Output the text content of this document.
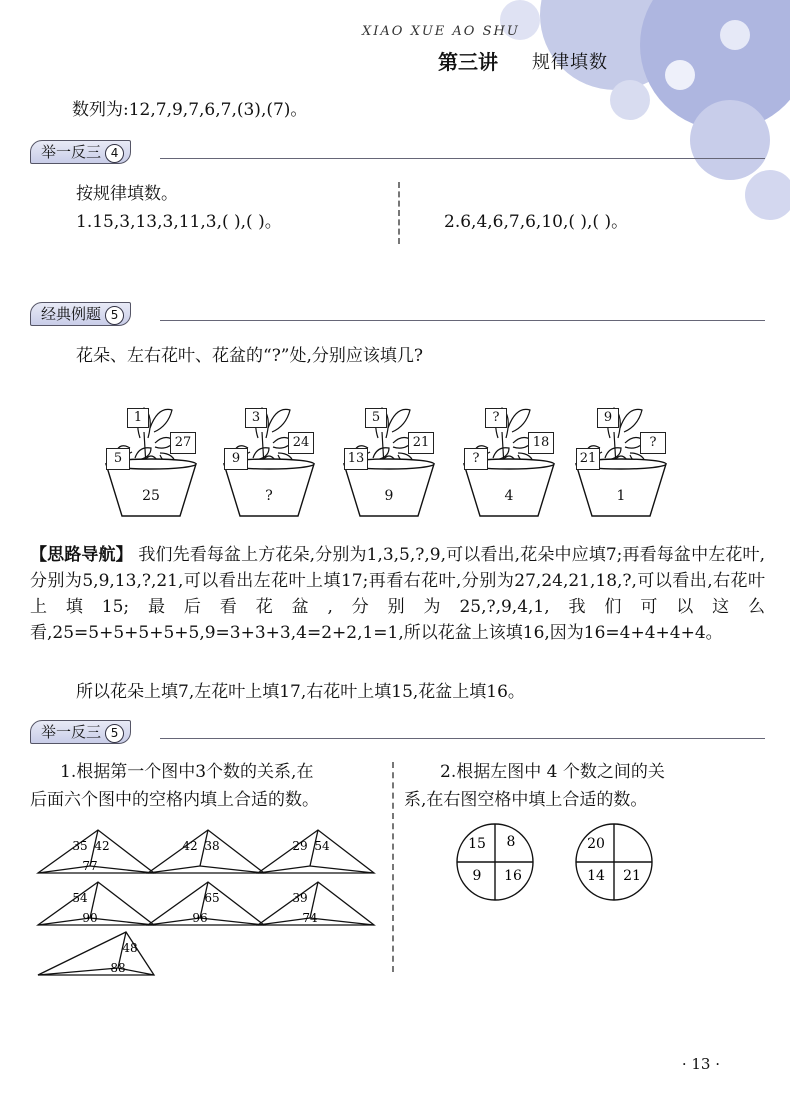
XIAO XUE AO SHU
第三讲 规律填数
数列为:12,7,9,7,6,7,(3),(7)。
举一反三 4
按规律填数。
1.15,3,13,3,11,3,( ),( )。	2.6,4,6,7,6,10,( ),( )。
经典例题 5
花朵、左右花叶、花盆的“?”处,分别应该填几?
1
5
27
25
3
9
24
?
5
13
21
9
?
?
18
4
9
21
?
1
【思路导航】 我们先看每盆上方花朵,分别为1,3,5,?,9,可以看出,花朵中应填7;再看每盆中左花叶,分别为5,9,13,?,21,可以看出左花叶上填17;再看右花叶,分别为27,24,21,18,?,可以看出,右花叶上填15;最后看花盆,分别为25,?,9,4,1,我们可以这么看,25=5+5+5+5+5,9=3+3+3,4=2+2,1=1,所以花盆上该填16,因为16=4+4+4+4。
所以花朵上填7,左花叶上填17,右花叶上填15,花盆上填16。
举一反三 5
1.根据第一个图中3个数的关系,在
后面六个图中的空格内填上合适的数。
2.根据左图中 4 个数之间的关
系,在右图空格中填上合适的数。
35 42
77
42 38	29 54
54
90
65
96
39
74
48
88
15 8
9 16
20
14 21
· 13 ·
